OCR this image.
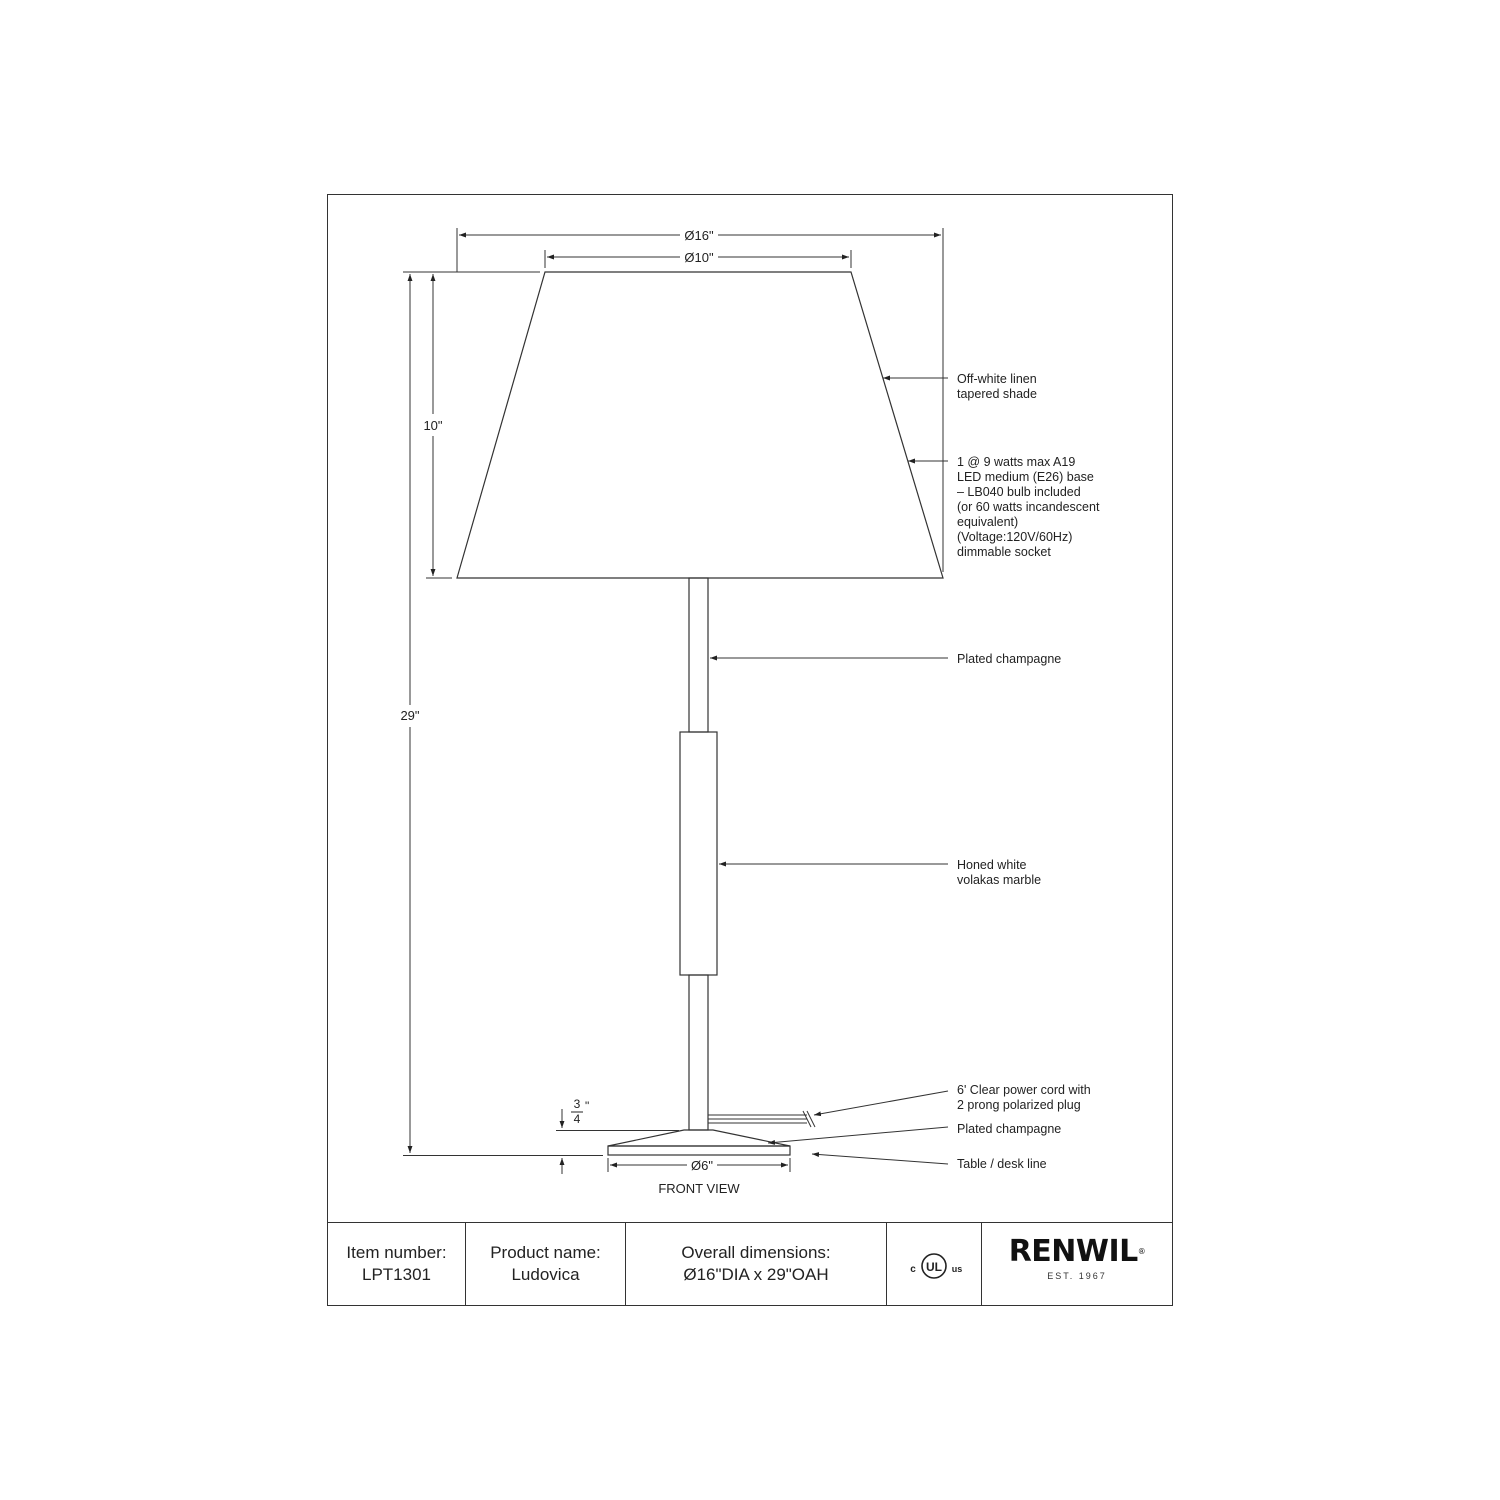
Ø16"
Ø10"
10"
29"
3
4
"
Ø6"
FRONT VIEW
Off-white linen tapered shade
1 @ 9 watts max A19 LED medium (E26) base – LB040 bulb included (or 60 watts incandescent equivalent) (Voltage:120V/60Hz) dimmable socket
Plated champagne
Honed white volakas marble
6' Clear power cord with 2 prong polarized plug
Plated champagne
Table / desk line
UL
c	us
Item number:
LPT1301
Product name:
Ludovica
Overall dimensions:
Ø16"DIA x 29"OAH
RENWIL®
EST. 1967
